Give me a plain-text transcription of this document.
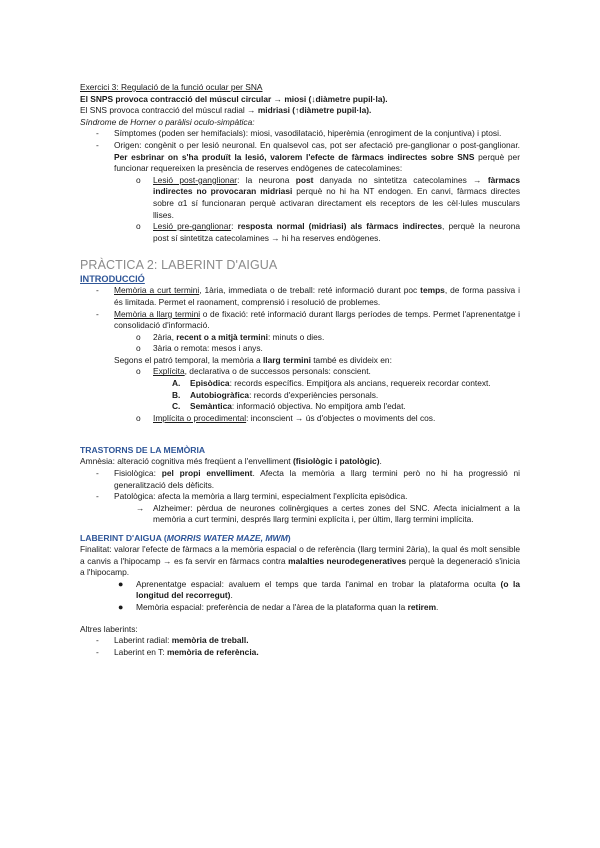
Exercici 3: Regulació de la funció ocular per SNA

El SNPS provoca contracció del múscul circular → miosi (↓diàmetre pupil·la).

El SNS provoca contracció del múscul radial → midriasi (↑diàmetre pupil·la).

Síndrome de Horner o paràlisi oculo-simpàtica:

- Símptomes (poden ser hemifacials): miosi, vasodilatació, hiperèmia (enrogiment de la conjuntiva) i ptosi.
- Origen: congènit o per lesió neuronal. En qualsevol cas, pot ser afectació pre-ganglionar o post-ganglionar. Per esbrinar on s'ha produït la lesió, valorem l'efecte de fàrmacs indirectes sobre SNS perquè per funcionar requereixen la presència de reserves endògenes de catecolamines:
o Lesió post-ganglionar: la neurona post danyada no sintetitza catecolamines → fàrmacs indirectes no provocaran midriasi perquè no hi ha NT endogen. En canvi, fàrmacs directes sobre α1 sí funcionaran perquè activaran directament els receptors de les cèl·lules musculars llises.
o Lesió pre-ganglionar: resposta normal (midriasi) als fàrmacs indirectes, perquè la neurona post sí sintetitza catecolamines → hi ha reserves endògenes.

PRÀCTICA 2: LABERINT D'AIGUA

INTRODUCCIÓ

- Memòria a curt termini, 1ària, immediata o de treball: reté informació durant poc temps, de forma passiva i és limitada. Permet el raonament, comprensió i resolució de problemes.
- Memòria a llarg termini o de fixació: reté informació durant llargs períodes de temps. Permet l'aprenentatge i consolidació d'informació.
o 2ària, recent o a mitjà termini: minuts o dies.
o 3ària o remota: mesos i anys.

Segons el patró temporal, la memòria a llarg termini també es divideix en:

o Explícita, declarativa o de successos personals: conscient.
A. Episòdica: records específics. Empitjora als ancians, requereix recordar context.
B. Autobiogràfica: records d'experiències personals.
C. Semàntica: informació objectiva. No empitjora amb l'edat.
o Implícita o procedimental: inconscient → ús d'objectes o moviments del cos.

TRASTORNS DE LA MEMÒRIA

Amnèsia: alteració cognitiva més freqüent a l'envelliment (fisiològic i patològic).

- Fisiològica: pel propi envelliment. Afecta la memòria a llarg termini però no hi ha progressió ni generalització dels dèficits.
- Patològica: afecta la memòria a llarg termini, especialment l'explícita episòdica.
→ Alzheimer: pèrdua de neurones colinèrgiques a certes zones del SNC. Afecta inicialment a la memòria a curt termini, després llarg termini explícita i, per últim, llarg termini implícita.

LABERINT D'AIGUA (MORRIS WATER MAZE, MWM)

Finalitat: valorar l'efecte de fàrmacs a la memòria espacial o de referència (llarg termini 2ària), la qual és molt sensible a canvis a l'hipocamp → es fa servir en fàrmacs contra malalties neurodegeneratives perquè la degeneració s'inicia a l'hipocamp.

● Aprenentatge espacial: avaluem el temps que tarda l'animal en trobar la plataforma oculta (o la longitud del recorregut).
● Memòria espacial: preferència de nedar a l'àrea de la plataforma quan la retirem.

Altres laberints:

- Laberint radial: memòria de treball.
- Laberint en T: memòria de referència.
